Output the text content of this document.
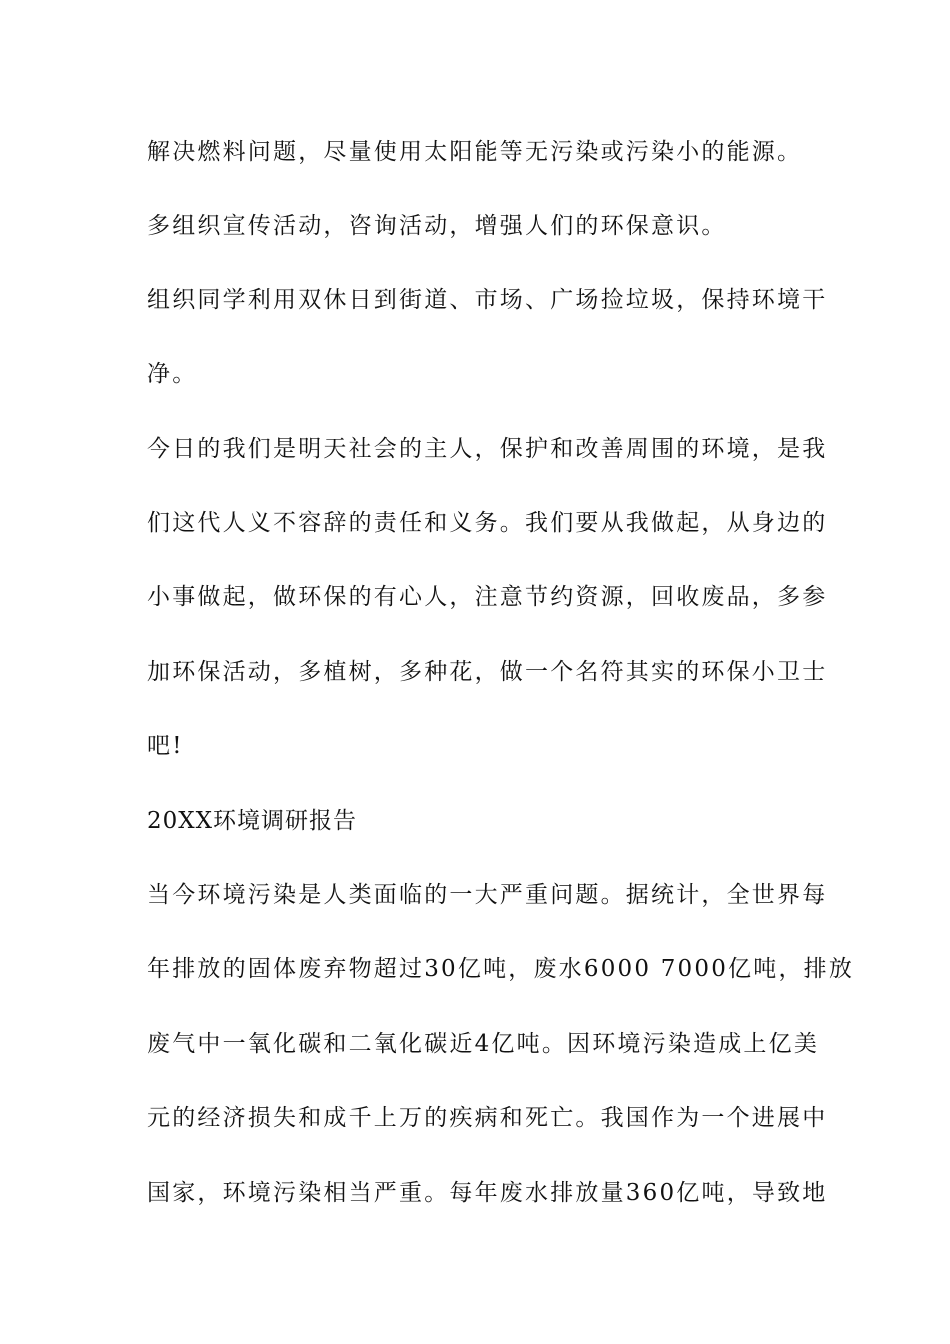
解决燃料问题，尽量使用太阳能等无污染或污染小的能源。
多组织宣传活动，咨询活动，增强人们的环保意识。
组织同学利用双休日到街道、市场、广场捡垃圾，保持环境干
净。
今日的我们是明天社会的主人，保护和改善周围的环境，是我
们这代人义不容辞的责任和义务。我们要从我做起，从身边的
小事做起，做环保的有心人，注意节约资源，回收废品，多参
加环保活动，多植树，多种花，做一个名符其实的环保小卫士
吧!
20XX环境调研报告
当今环境污染是人类面临的一大严重问题。据统计，全世界每
年排放的固体废弃物超过30亿吨，废水6000 7000亿吨，排放
废气中一氧化碳和二氧化碳近4亿吨。因环境污染造成上亿美
元的经济损失和成千上万的疾病和死亡。我国作为一个进展中
国家，环境污染相当严重。每年废水排放量360亿吨，导致地
